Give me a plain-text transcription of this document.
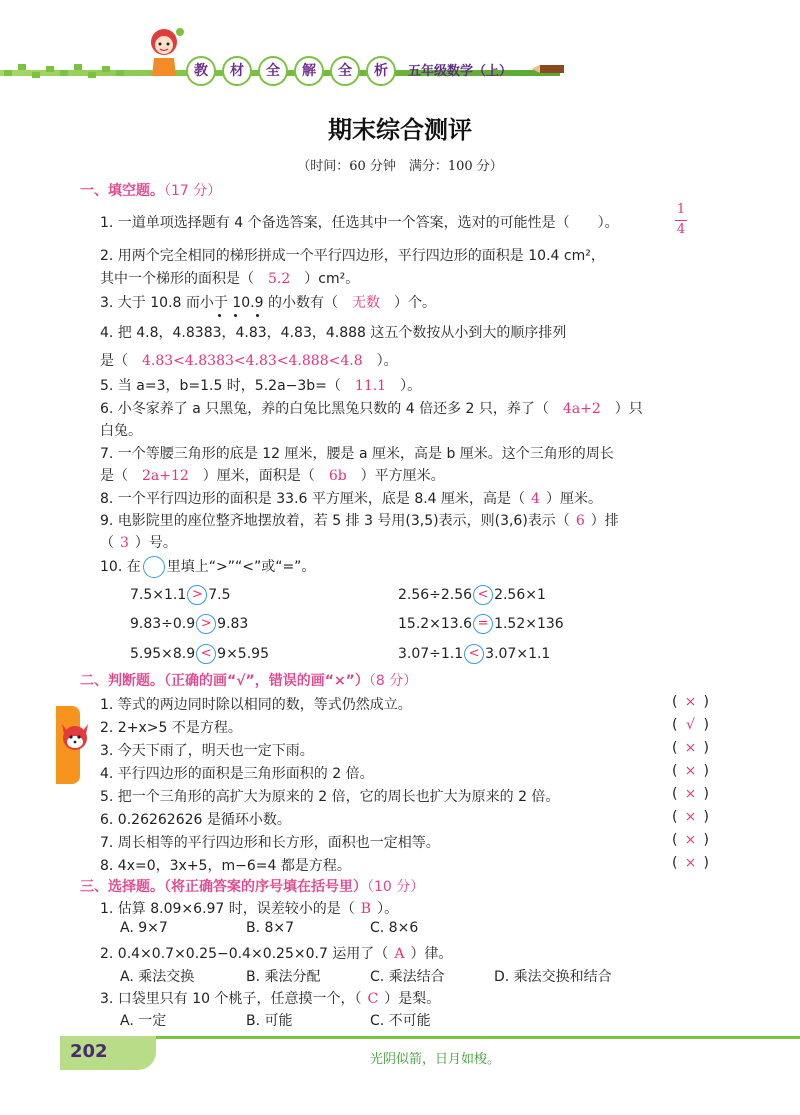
教	材	全	解	全	析	五年级数学（上）
期末综合测评
（时间：60 分钟　满分：100 分）
一、填空题。（17 分）
1. 一道单项选择题有 4 个备选答案，任选其中一个答案，选对的可能性是（ ）。
1
4
2. 用两个完全相同的梯形拼成一个平行四边形，平行四边形的面积是 10.4 cm²，
其中一个梯形的面积是（　5.2　）cm²。
3. 大于 10.8 而小于 10.9 的小数有（　无数　）个。
4. 把 4.8，4.8383，4.83，4.83，4.888 这五个数按从小到大的顺序排列
是（　4.83<4.8383<4.83<4.888<4.8　）。
5. 当 a=3，b=1.5 时，5.2a−3b=（　11.1　）。
6. 小冬家养了 a 只黑兔，养的白兔比黑兔只数的 4 倍还多 2 只，养了（　4a+2　）只
白兔。
7. 一个等腰三角形的底是 12 厘米，腰是 a 厘米，高是 b 厘米。这个三角形的周长
是（　2a+12　）厘米，面积是（　6b　）平方厘米。
8. 一个平行四边形的面积是 33.6 平方厘米，底是 8.4 厘米，高是（ 4 ）厘米。
9. 电影院里的座位整齐地摆放着，若 5 排 3 号用(3,5)表示，则(3,6)表示（ 6 ）排
（ 3 ）号。
10. 在 里填上“>”“<”或“=”。
7.5×1.1 > 7.5	2.56÷2.56 < 2.56×1
9.83÷0.9 > 9.83	15.2×13.6 = 1.52×136
5.95×8.9 < 9×5.95	3.07÷1.1 < 3.07×1.1
二、判断题。（正确的画“√”，错误的画“×”）（8 分）
1. 等式的两边同时除以相同的数，等式仍然成立。	( × )
2. 2+x>5 不是方程。	( √ )
3. 今天下雨了，明天也一定下雨。	( × )
4. 平行四边形的面积是三角形面积的 2 倍。	( × )
5. 把一个三角形的高扩大为原来的 2 倍，它的周长也扩大为原来的 2 倍。	( × )
6. 0.26262626 是循环小数。	( × )
7. 周长相等的平行四边形和长方形，面积也一定相等。	( × )
8. 4x=0，3x+5，m−6=4 都是方程。	( × )
三、选择题。（将正确答案的序号填在括号里）（10 分）
1. 估算 8.09×6.97 时，误差较小的是（ B ）。
A. 9×7	B. 8×7	C. 8×6
2. 0.4×0.7×0.25−0.4×0.25×0.7 运用了（ A ）律。
A. 乘法交换	B. 乘法分配	C. 乘法结合	D. 乘法交换和结合
3. 口袋里只有 10 个桃子，任意摸一个，（ C ）是梨。
A. 一定	B. 可能	C. 不可能
202	光阴似箭，日月如梭。
